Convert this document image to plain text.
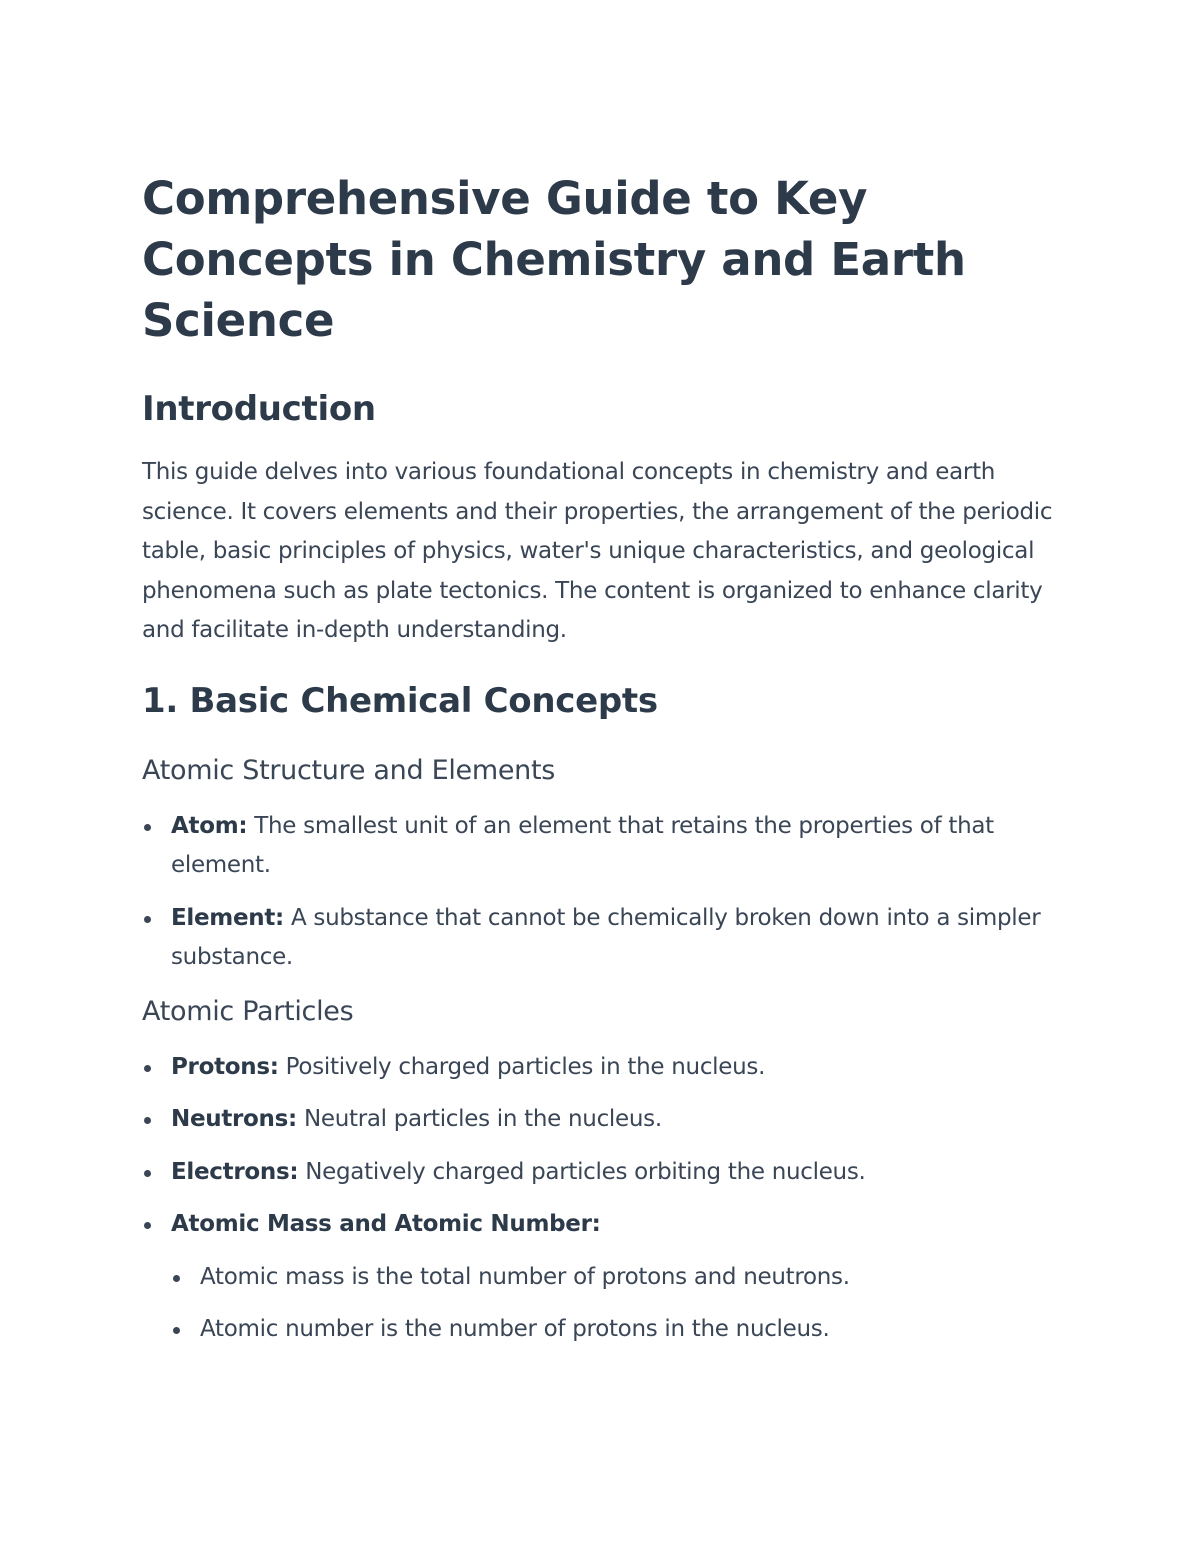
Comprehensive Guide to Key Concepts in Chemistry and Earth Science
Introduction

This guide delves into various foundational concepts in chemistry and earth science. It covers elements and their properties, the arrangement of the periodic table, basic principles of physics, water's unique characteristics, and geological phenomena such as plate tectonics. The content is organized to enhance clarity and facilitate in-depth understanding.

1. Basic Chemical Concepts
Atomic Structure and Elements
Atom: The smallest unit of an element that retains the properties of that element.
Element: A substance that cannot be chemically broken down into a simpler substance.
Atomic Particles
Protons: Positively charged particles in the nucleus.
Neutrons: Neutral particles in the nucleus.
Electrons: Negatively charged particles orbiting the nucleus.
Atomic Mass and Atomic Number:
Atomic mass is the total number of protons and neutrons.
Atomic number is the number of protons in the nucleus.
